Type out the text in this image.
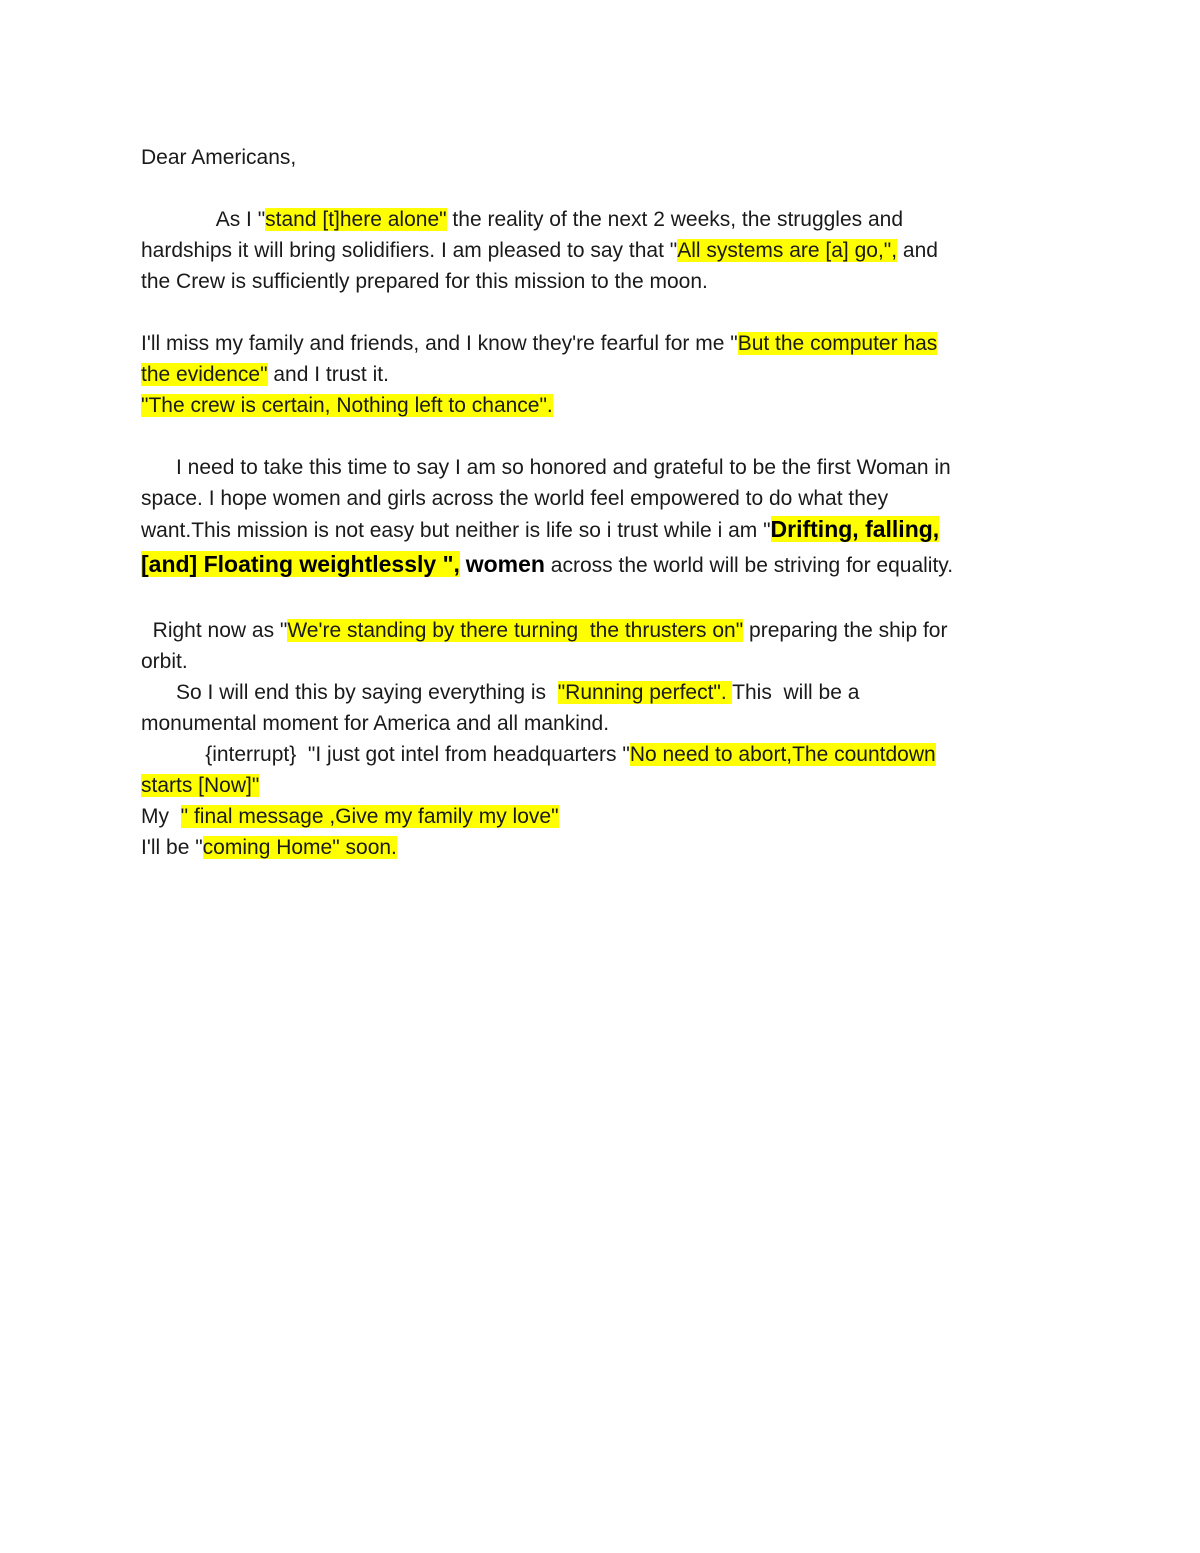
Dear Americans,
As I "stand [t]here alone" the reality of the next 2 weeks, the struggles and
hardships it will bring solidifiers. I am pleased to say that "All systems are [a] go,", and
the Crew is sufficiently prepared for this mission to the moon.
I'll miss my family and friends, and I know they're fearful for me "But the computer has
the evidence" and I trust it.
"The crew is certain, Nothing left to chance".
I need to take this time to say I am so honored and grateful to be the first Woman in
space. I hope women and girls across the world feel empowered to do what they
want.This mission is not easy but neither is life so i trust while i am "Drifting, falling,
[and] Floating weightlessly ", women across the world will be striving for equality.
Right now as "We're standing by there turning  the thrusters on" preparing the ship for
orbit.
So I will end this by saying everything is  "Running perfect". This  will be a
monumental moment for America and all mankind.
{interrupt}  "I just got intel from headquarters "No need to abort,The countdown
starts [Now]"
My  " final message ,Give my family my love"
I'll be "coming Home" soon.
